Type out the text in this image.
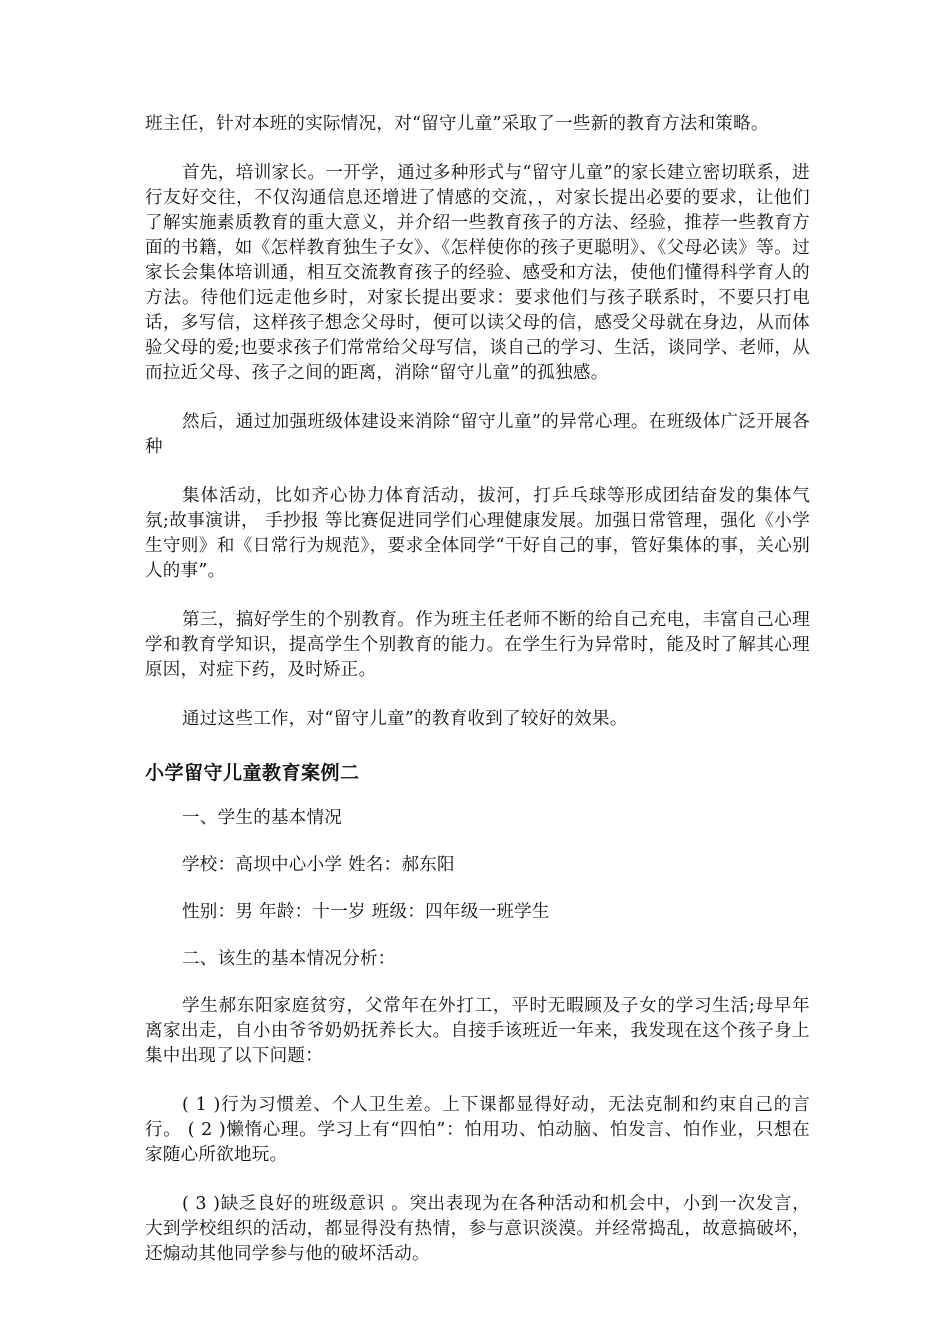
班主任，针对本班的实际情况，对“留守儿童”采取了一些新的教育方法和策略。

首先，培训家长。一开学，通过多种形式与“留守儿童”的家长建立密切联系，进行友好交往，不仅沟通信息还增进了情感的交流，，对家长提出必要的要求，让他们了解实施素质教育的重大意义，并介绍一些教育孩子的方法、经验，推荐一些教育方面的书籍，如《怎样教育独生子女》、《怎样使你的孩子更聪明》、《父母必读》等。过家长会集体培训通，相互交流教育孩子的经验、感受和方法，使他们懂得科学育人的方法。待他们远走他乡时，对家长提出要求：要求他们与孩子联系时，不要只打电话，多写信，这样孩子想念父母时，便可以读父母的信，感受父母就在身边，从而体验父母的爱;也要求孩子们常常给父母写信，谈自己的学习、生活，谈同学、老师，从而拉近父母、孩子之间的距离，消除“留守儿童”的孤独感。

然后，通过加强班级体建设来消除“留守儿童”的异常心理。在班级体广泛开展各种

集体活动，比如齐心协力体育活动，拔河，打乒乓球等形成团结奋发的集体气氛;故事演讲， 手抄报 等比赛促进同学们心理健康发展。加强日常管理，强化《小学生守则》和《日常行为规范》，要求全体同学“干好自己的事，管好集体的事，关心别人的事”。

第三，搞好学生的个别教育。作为班主任老师不断的给自己充电，丰富自己心理学和教育学知识，提高学生个别教育的能力。在学生行为异常时，能及时了解其心理原因，对症下药，及时矫正。

通过这些工作，对“留守儿童”的教育收到了较好的效果。

小学留守儿童教育案例二

一、学生的基本情况

学校：高坝中心小学 姓名：郝东阳

性别：男 年龄：十一岁 班级：四年级一班学生

二、该生的基本情况分析：

学生郝东阳家庭贫穷，父常年在外打工，平时无暇顾及子女的学习生活;母早年离家出走，自小由爷爷奶奶抚养长大。自接手该班近一年来，我发现在这个孩子身上集中出现了以下问题：

( 1 )行为习惯差、个人卫生差。上下课都显得好动，无法克制和约束自己的言行。 ( 2 )懒惰心理。学习上有“四怕”：怕用功、怕动脑、怕发言、怕作业，只想在家随心所欲地玩。

( 3 )缺乏良好的班级意识 。突出表现为在各种活动和机会中，小到一次发言，大到学校组织的活动，都显得没有热情，参与意识淡漠。并经常捣乱，故意搞破坏，还煽动其他同学参与他的破坏活动。
